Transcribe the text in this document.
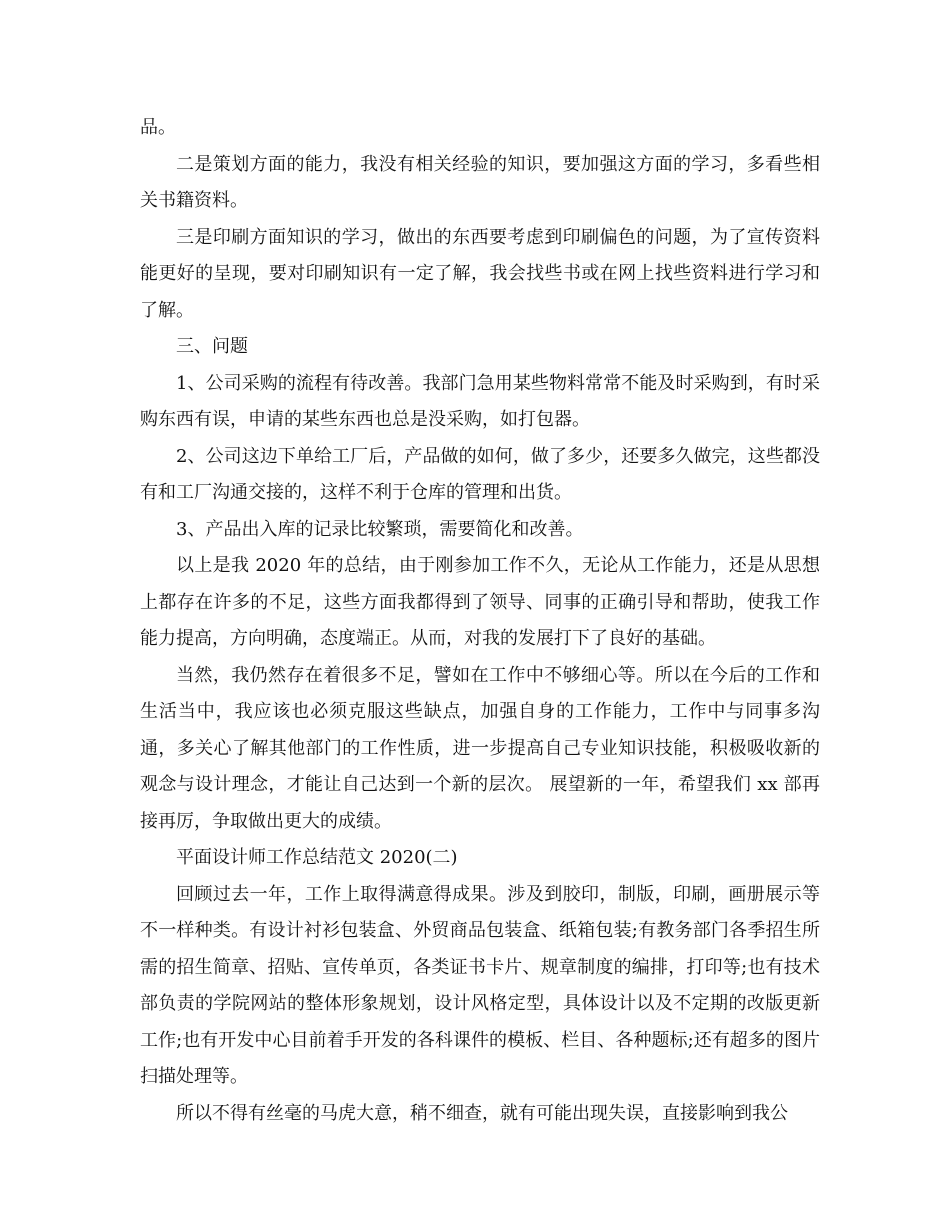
品。

二是策划方面的能力，我没有相关经验的知识，要加强这方面的学习，多看些相关书籍资料。

三是印刷方面知识的学习，做出的东西要考虑到印刷偏色的问题，为了宣传资料能更好的呈现，要对印刷知识有一定了解，我会找些书或在网上找些资料进行学习和了解。

三、问题

1、公司采购的流程有待改善。我部门急用某些物料常常不能及时采购到，有时采购东西有误，申请的某些东西也总是没采购，如打包器。

2、公司这边下单给工厂后，产品做的如何，做了多少，还要多久做完，这些都没有和工厂沟通交接的，这样不利于仓库的管理和出货。

3、产品出入库的记录比较繁琐，需要简化和改善。

以上是我 2020 年的总结，由于刚参加工作不久，无论从工作能力，还是从思想上都存在许多的不足，这些方面我都得到了领导、同事的正确引导和帮助，使我工作能力提高，方向明确，态度端正。从而，对我的发展打下了良好的基础。

当然，我仍然存在着很多不足，譬如在工作中不够细心等。所以在今后的工作和生活当中，我应该也必须克服这些缺点，加强自身的工作能力，工作中与同事多沟通，多关心了解其他部门的工作性质，进一步提高自己专业知识技能，积极吸收新的观念与设计理念，才能让自己达到一个新的层次。 展望新的一年，希望我们 xx 部再接再厉，争取做出更大的成绩。

平面设计师工作总结范文 2020(二)

回顾过去一年，工作上取得满意得成果。涉及到胶印，制版，印刷，画册展示等不一样种类。有设计衬衫包装盒、外贸商品包装盒、纸箱包装;有教务部门各季招生所需的招生简章、招贴、宣传单页，各类证书卡片、规章制度的编排，打印等;也有技术部负责的学院网站的整体形象规划，设计风格定型，具体设计以及不定期的改版更新工作;也有开发中心目前着手开发的各科课件的模板、栏目、各种题标;还有超多的图片扫描处理等。

所以不得有丝毫的马虎大意，稍不细查，就有可能出现失误，直接影响到我公
